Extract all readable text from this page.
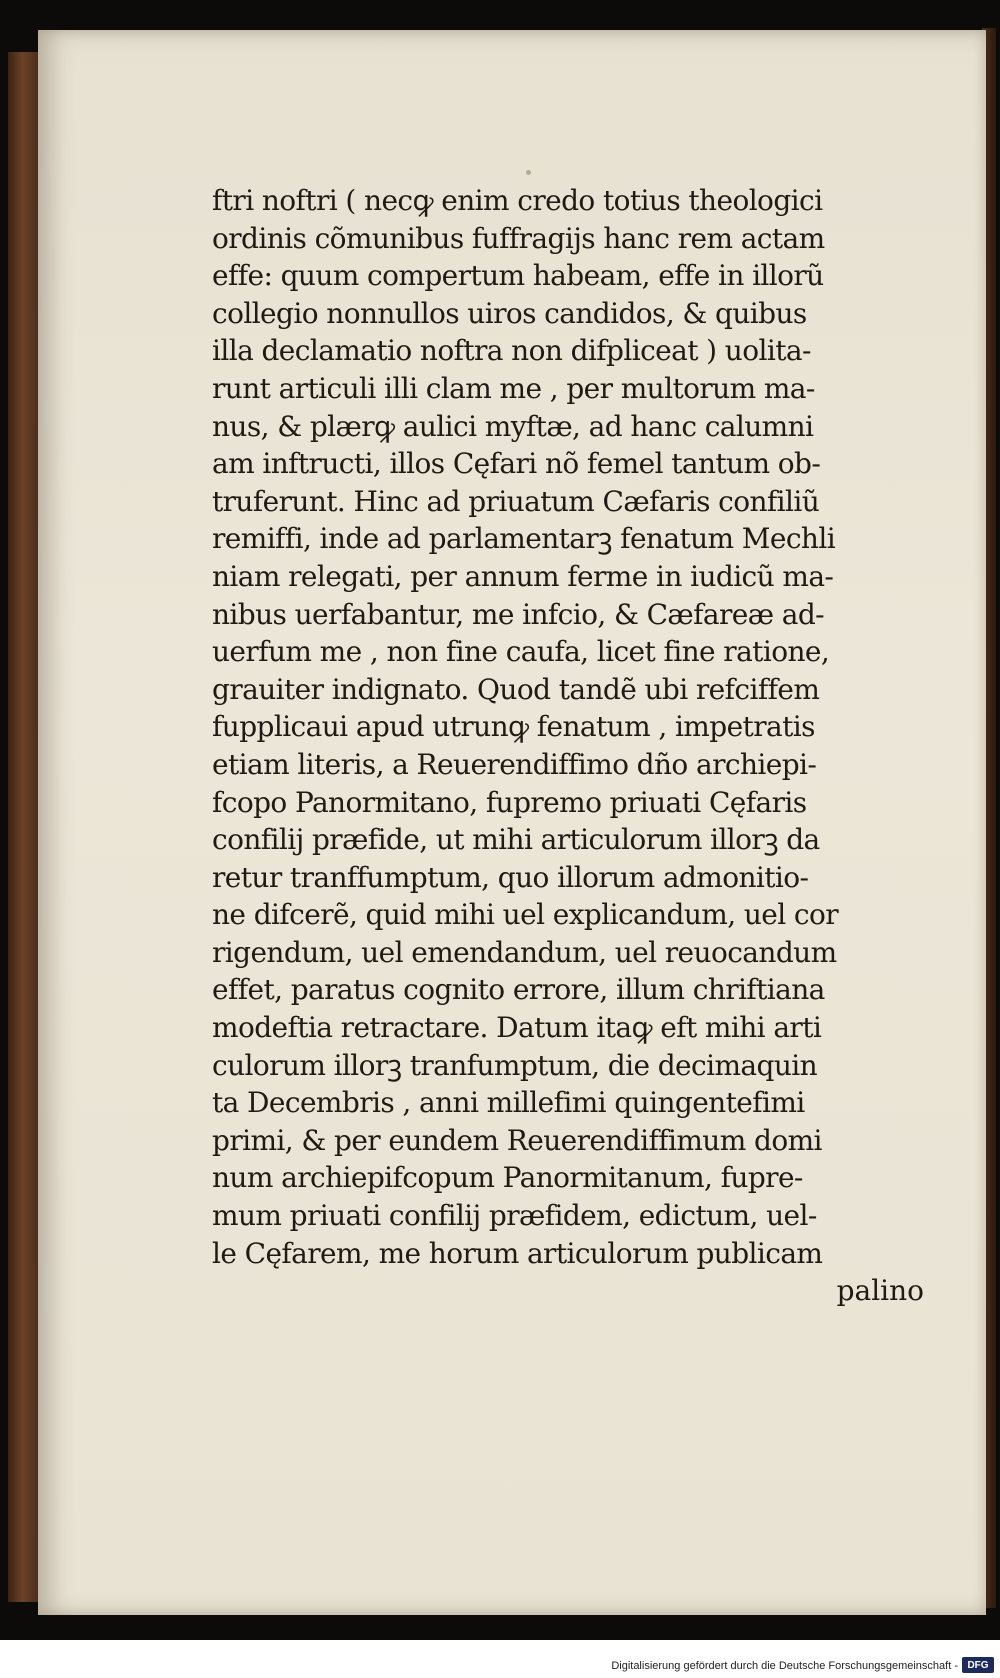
ftri noftri ( necꝙ enim credo totius theologici
ordinis cõmunibus fuffragijs hanc rem actam
effe: quum compertum habeam, effe in illorũ
collegio nonnullos uiros candidos, & quibus
illa declamatio noftra non difpliceat ) uolita-
runt articuli illi clam me , per multorum ma-
nus, & plærꝙ aulici myftæ, ad hanc calumni
am inftructi, illos Cęfari nõ femel tantum ob-
truferunt. Hinc ad priuatum Cæfaris confiliũ
remiffi, inde ad parlamentarꝫ fenatum Mechli
niam relegati, per annum ferme in iudicũ ma-
nibus uerfabantur, me infcio, & Cæfareæ ad-
uerfum me , non fine caufa, licet fine ratione,
grauiter indignato. Quod tandẽ ubi refciffem
fupplicaui apud utrunꝙ fenatum , impetratis
etiam literis, a Reuerendiffimo dño archiepi-
fcopo Panormitano, fupremo priuati Cęfaris
confilij præfide, ut mihi articulorum illorꝫ da
retur tranffumptum, quo illorum admonitio-
ne difcerẽ, quid mihi uel explicandum, uel cor
rigendum, uel emendandum, uel reuocandum
effet, paratus cognito errore, illum chriftiana
modeftia retractare. Datum itaꝙ eft mihi arti
culorum illorꝫ tranfumptum, die decimaquin
ta Decembris , anni millefimi quingentefimi
primi, & per eundem Reuerendiffimum domi
num archiepifcopum Panormitanum, fupre-
mum priuati confilij præfidem, edictum, uel-
le Cęfarem, me horum articulorum publicam
palino
Digitalisierung gefördert durch die Deutsche Forschungsgemeinschaft - DFG
